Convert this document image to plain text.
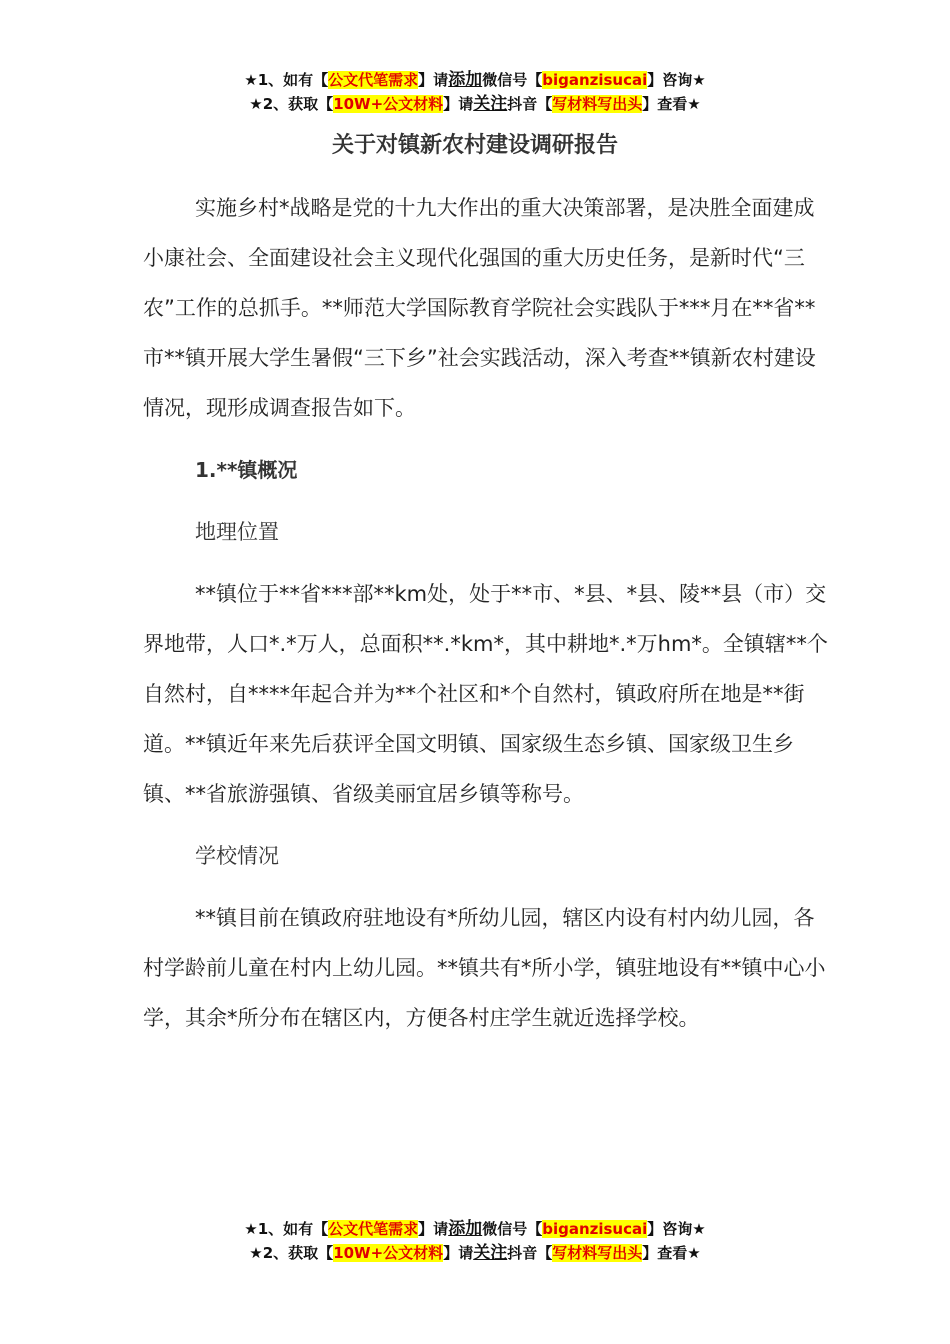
★1、如有【公文代笔需求】请添加微信号【biganzisucai】咨询★
★2、获取【10W+公文材料】请关注抖音【写材料写出头】查看★
关于对镇新农村建设调研报告

实施乡村*战略是党的十九大作出的重大决策部署，是决胜全面建成小康社会、全面建设社会主义现代化强国的重大历史任务，是新时代“三农”工作的总抓手。**师范大学国际教育学院社会实践队于***月在**省**市**镇开展大学生暑假“三下乡”社会实践活动，深入考查**镇新农村建设情况，现形成调查报告如下。

1.**镇概况
地理位置

**镇位于**省***部**km处，处于**市、*县、*县、陵**县（市）交界地带，人口*.*万人，总面积**.*km*，其中耕地*.*万hm*。全镇辖**个自然村，自****年起合并为**个社区和*个自然村，镇政府所在地是**街道。**镇近年来先后获评全国文明镇、国家级生态乡镇、国家级卫生乡镇、**省旅游强镇、省级美丽宜居乡镇等称号。

学校情况

**镇目前在镇政府驻地设有*所幼儿园，辖区内设有村内幼儿园，各村学龄前儿童在村内上幼儿园。**镇共有*所小学，镇驻地设有**镇中心小学，其余*所分布在辖区内，方便各村庄学生就近选择学校。

★1、如有【公文代笔需求】请添加微信号【biganzisucai】咨询★
★2、获取【10W+公文材料】请关注抖音【写材料写出头】查看★
